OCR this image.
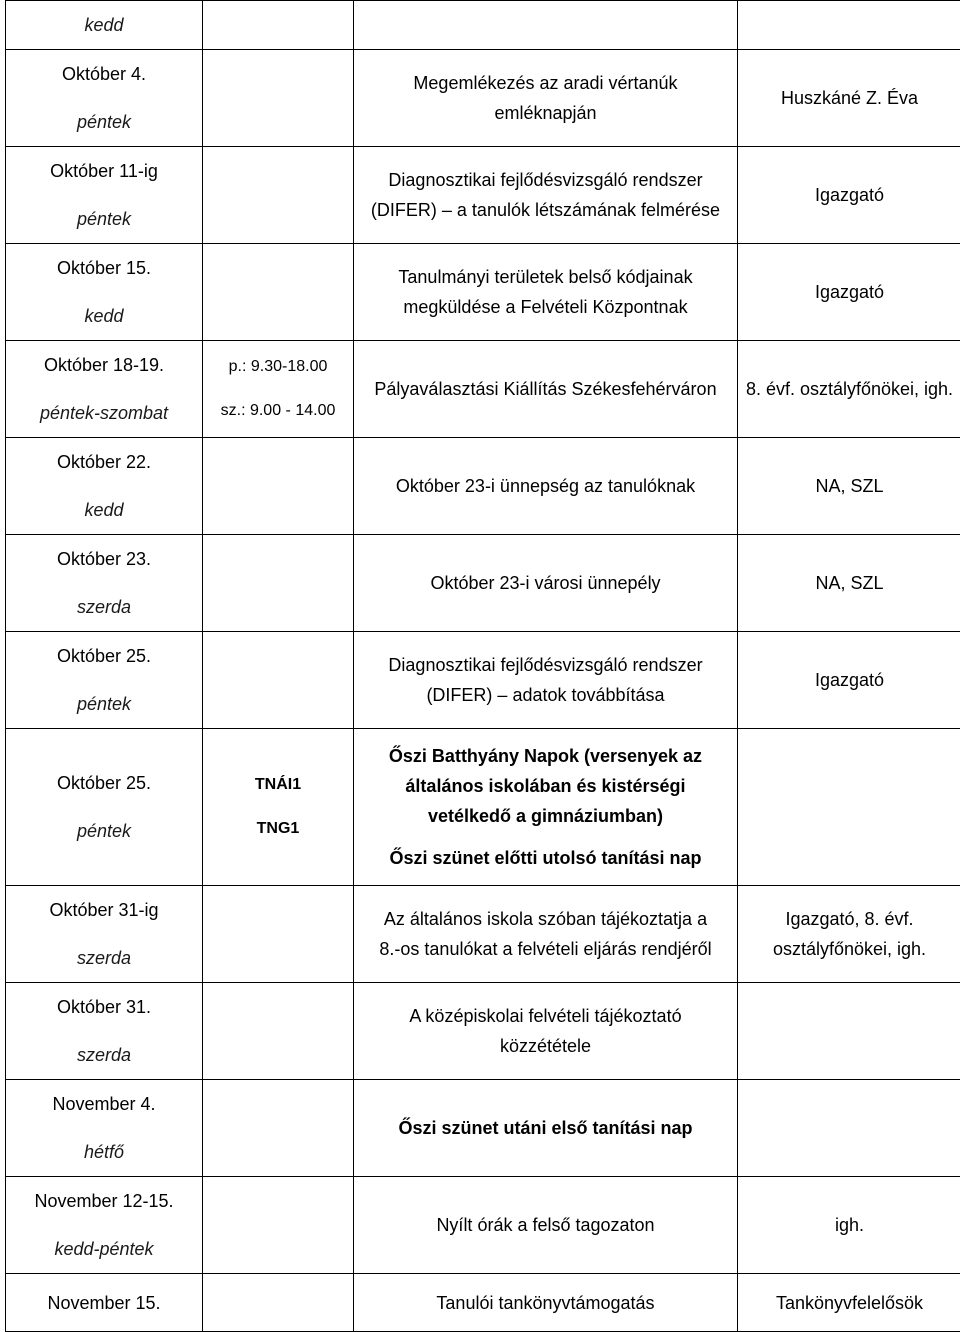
kedd			

Október 4.
péntek		Megemlékezés az aradi vértanúk
emléknapján	Huszkáné Z. Éva

Október 11-ig
péntek		Diagnosztikai fejlődésvizsgáló rendszer
(DIFER) – a tanulók létszámának felmérése	Igazgató

Október 15.
kedd		Tanulmányi területek belső kódjainak
megküldése a Felvételi Központnak	Igazgató

Október 18-19.
péntek-szombat	p.: 9.30-18.00
sz.: 9.00 - 14.00	Pályaválasztási Kiállítás Székesfehérváron	8. évf. osztályfőnökei, igh.

Október 22.
kedd		Október 23-i ünnepség az tanulóknak	NA, SZL

Október 23.
szerda		Október 23-i városi ünnepély	NA, SZL

Október 25.
péntek		Diagnosztikai fejlődésvizsgáló rendszer
(DIFER) – adatok továbbítása	Igazgató

Október 25.
péntek	TNÁI1
TNG1	Őszi Batthyány Napok (versenyek az
általános iskolában és kistérségi
vetélkedő a gimnáziumban)
Őszi szünet előtti utolsó tanítási nap	

Október 31-ig
szerda		Az általános iskola szóban tájékoztatja a
8.-os tanulókat a felvételi eljárás rendjéről	Igazgató, 8. évf. osztályfőnökei, igh.

Október 31.
szerda		A középiskolai felvételi tájékoztató
közzététele	

November 4.
hétfő		Őszi szünet utáni első tanítási nap	

November 12-15.
kedd-péntek		Nyílt órák a felső tagozaton	igh.

November 15.		Tanulói tankönyvtámogatás	Tankönyvfelelősök
